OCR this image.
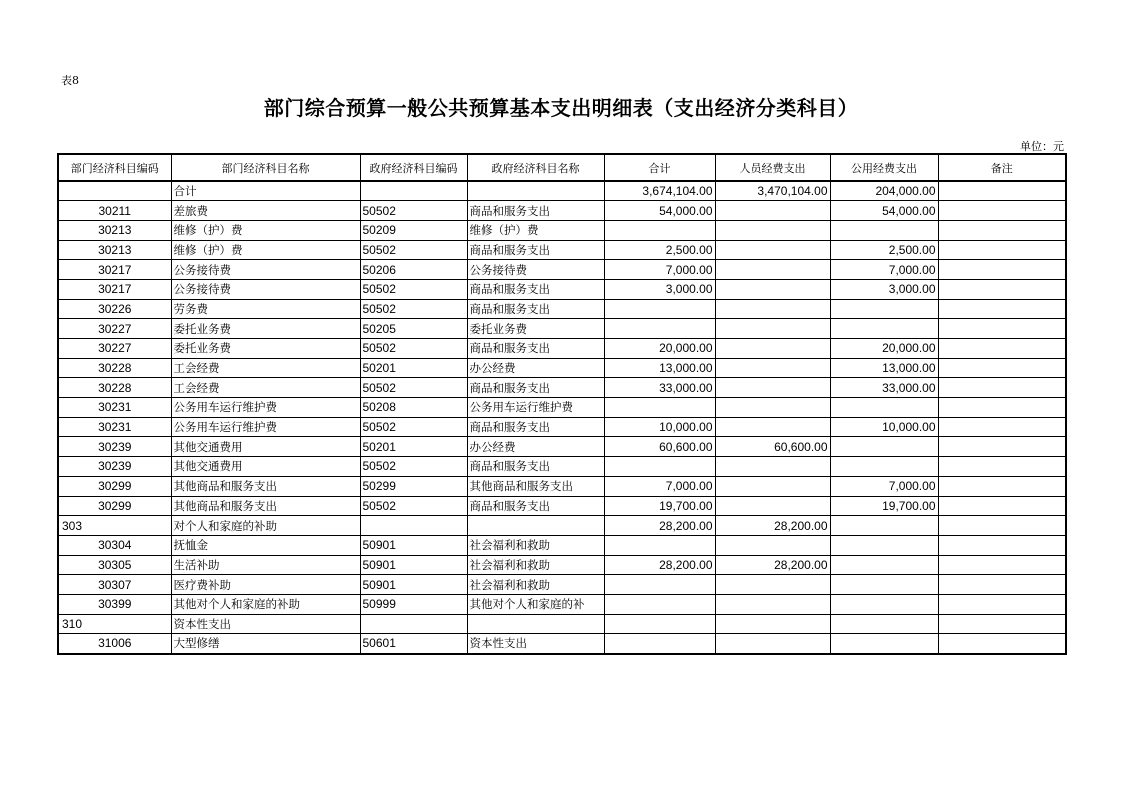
表8
部门综合预算一般公共预算基本支出明细表（支出经济分类科目）
单位：元
部门经济科目编码	部门经济科目名称	政府经济科目编码	政府经济科目名称	合计	人员经费支出	公用经费支出	备注
	合计			3,674,104.00	3,470,104.00	204,000.00	
30211	差旅费	50502	商品和服务支出	54,000.00		54,000.00	
30213	维修（护）费	50209	维修（护）费				
30213	维修（护）费	50502	商品和服务支出	2,500.00		2,500.00	
30217	公务接待费	50206	公务接待费	7,000.00		7,000.00	
30217	公务接待费	50502	商品和服务支出	3,000.00		3,000.00	
30226	劳务费	50502	商品和服务支出				
30227	委托业务费	50205	委托业务费				
30227	委托业务费	50502	商品和服务支出	20,000.00		20,000.00	
30228	工会经费	50201	办公经费	13,000.00		13,000.00	
30228	工会经费	50502	商品和服务支出	33,000.00		33,000.00	
30231	公务用车运行维护费	50208	公务用车运行维护费				
30231	公务用车运行维护费	50502	商品和服务支出	10,000.00		10,000.00	
30239	其他交通费用	50201	办公经费	60,600.00	60,600.00		
30239	其他交通费用	50502	商品和服务支出				
30299	其他商品和服务支出	50299	其他商品和服务支出	7,000.00		7,000.00	
30299	其他商品和服务支出	50502	商品和服务支出	19,700.00		19,700.00	
303	对个人和家庭的补助			28,200.00	28,200.00		
30304	抚恤金	50901	社会福利和救助				
30305	生活补助	50901	社会福利和救助	28,200.00	28,200.00		
30307	医疗费补助	50901	社会福利和救助				
30399	其他对个人和家庭的补助	50999	其他对个人和家庭的补				
310	资本性支出						
31006	大型修缮	50601	资本性支出				
